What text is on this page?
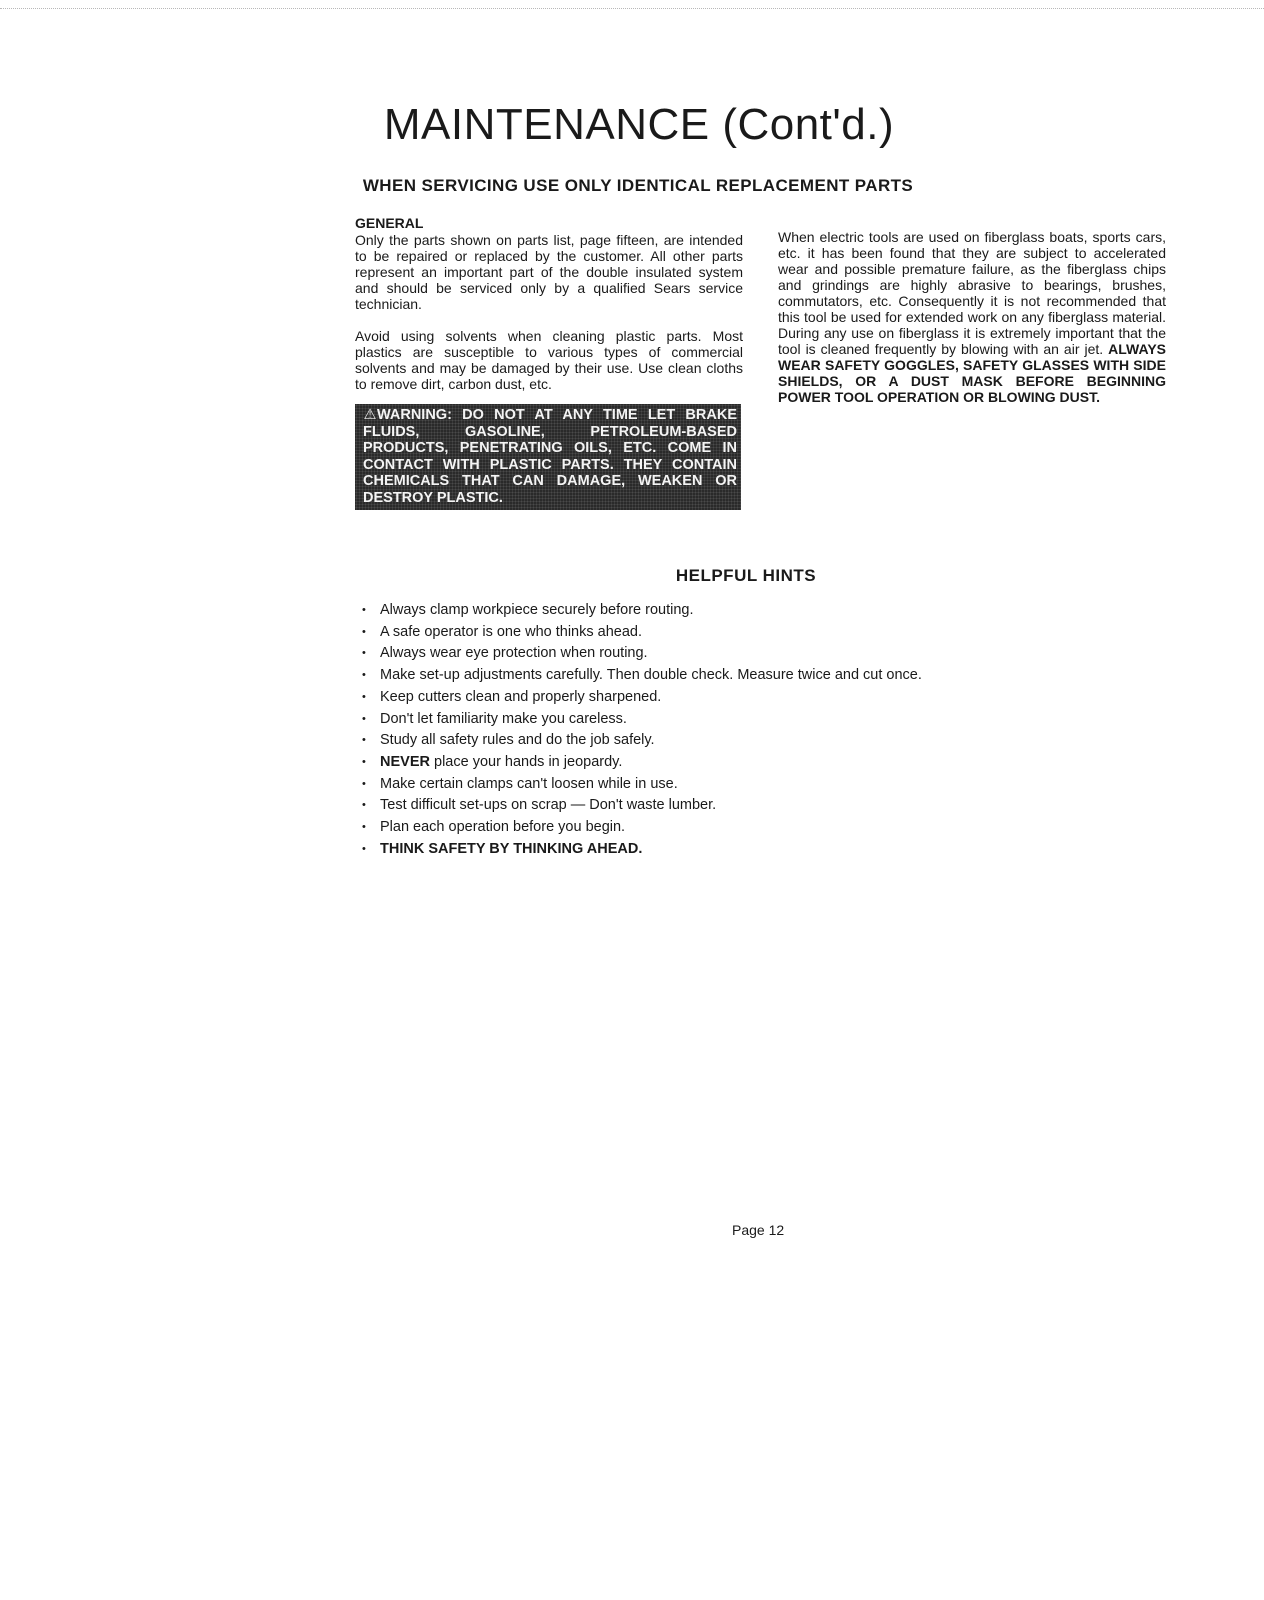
MAINTENANCE (Cont'd.)
WHEN SERVICING USE ONLY IDENTICAL REPLACEMENT PARTS

GENERAL

Only the parts shown on parts list, page fifteen, are intended to be repaired or replaced by the customer. All other parts represent an important part of the double insulated system and should be serviced only by a qualified Sears service technician.

Avoid using solvents when cleaning plastic parts. Most plastics are susceptible to various types of commercial solvents and may be damaged by their use. Use clean cloths to remove dirt, carbon dust, etc.

⚠WARNING: DO NOT AT ANY TIME LET BRAKE FLUIDS, GASOLINE, PETROLEUM-BASED PRODUCTS, PENETRATING OILS, ETC. COME IN CONTACT WITH PLASTIC PARTS. THEY CONTAIN CHEMICALS THAT CAN DAMAGE, WEAKEN OR DESTROY PLASTIC.

When electric tools are used on fiberglass boats, sports cars, etc. it has been found that they are subject to accelerated wear and possible premature failure, as the fiberglass chips and grindings are highly abrasive to bearings, brushes, commutators, etc. Consequently it is not recommended that this tool be used for extended work on any fiberglass material. During any use on fiberglass it is extremely important that the tool is cleaned frequently by blowing with an air jet. ALWAYS WEAR SAFETY GOGGLES, SAFETY GLASSES WITH SIDE SHIELDS, OR A DUST MASK BEFORE BEGINNING POWER TOOL OPERATION OR BLOWING DUST.

HELPFUL HINTS
• Always clamp workpiece securely before routing.
• A safe operator is one who thinks ahead.
• Always wear eye protection when routing.
• Make set-up adjustments carefully. Then double check. Measure twice and cut once.
• Keep cutters clean and properly sharpened.
• Don't let familiarity make you careless.
• Study all safety rules and do the job safely.
• NEVER place your hands in jeopardy.
• Make certain clamps can't loosen while in use.
• Test difficult set-ups on scrap — Don't waste lumber.
• Plan each operation before you begin.
• THINK SAFETY BY THINKING AHEAD.
Page 12
